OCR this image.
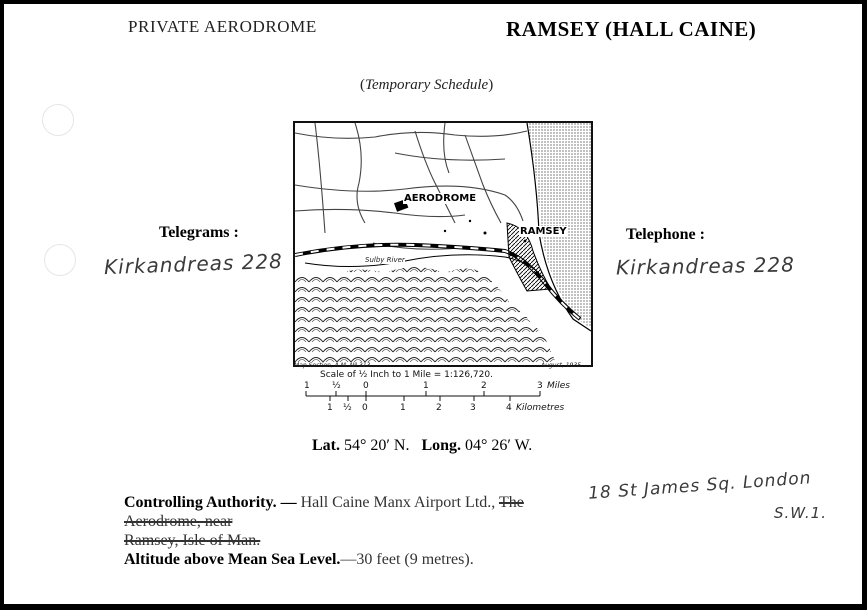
PRIVATE AERODROME	RAMSEY (HALL CAINE)
(Temporary Schedule)
AERODROME
RAMSEY
Sulby River
Map Section, A.M. Nº 313	August, 1935.
Scale of ½ Inch to 1 Mile = 1:126,720.
1 ½ 0	1	2	3 Miles
1 ½ 0	1	2	3	4 Kilometres
Telegrams :
Kirkandreas 228
Telephone :
Kirkandreas 228
Lat. 54° 20′ N. Long. 04° 26′ W.
Controlling Authority. — Hall Caine Manx Airport Ltd., The Aerodrome, near
Ramsey, Isle of Man.
18 St James Sq. London
S.W.1.
Altitude above Mean Sea Level.—30 feet (9 metres).
